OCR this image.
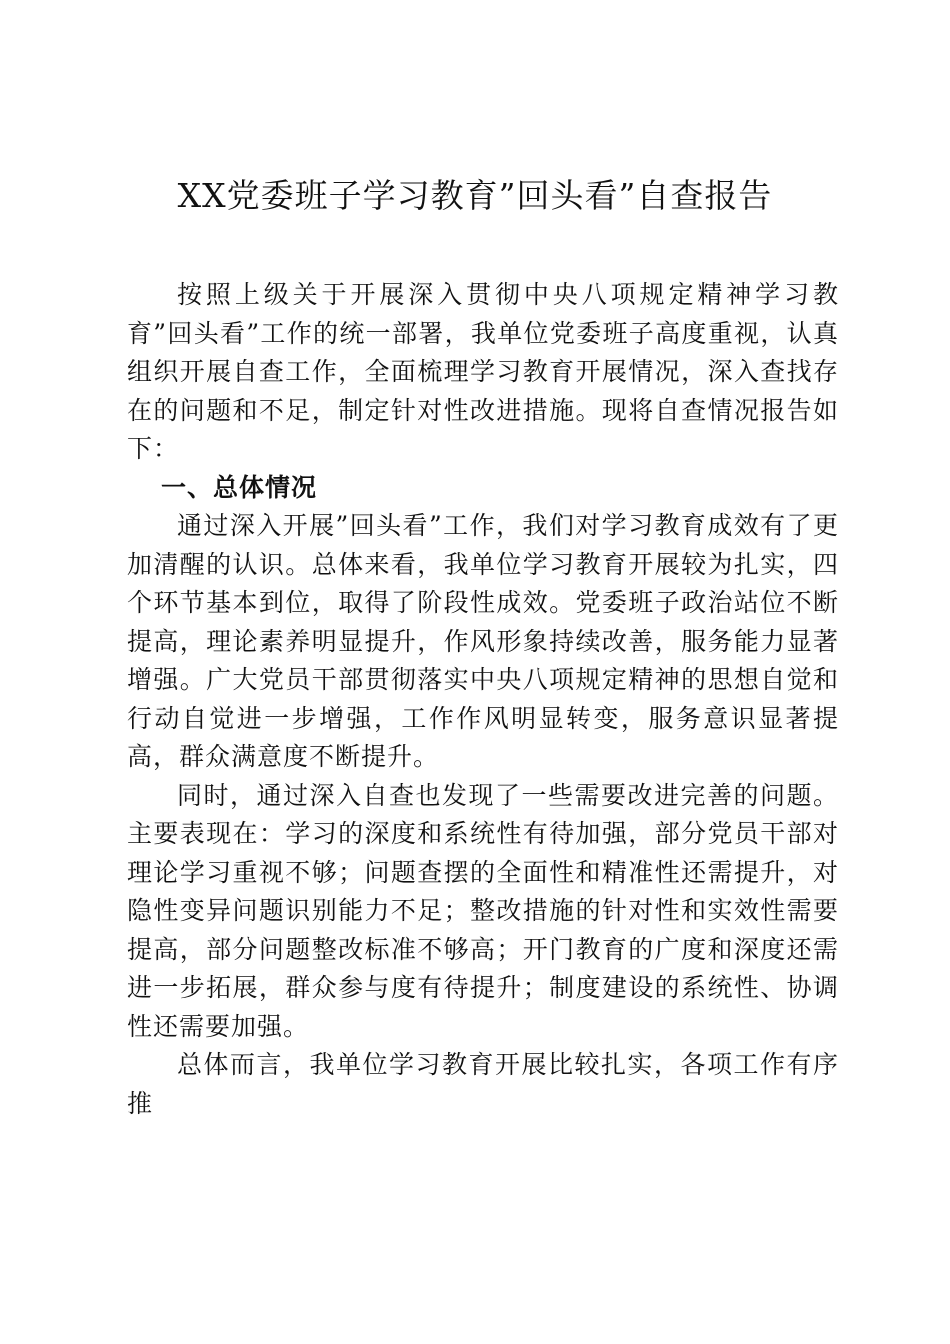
XX党委班子学习教育”回头看”自查报告

按照上级关于开展深入贯彻中央八项规定精神学习教育”回头看”工作的统一部署，我单位党委班子高度重视，认真组织开展自查工作，全面梳理学习教育开展情况，深入查找存在的问题和不足，制定针对性改进措施。现将自查情况报告如下：

一、总体情况

通过深入开展”回头看”工作，我们对学习教育成效有了更加清醒的认识。总体来看，我单位学习教育开展较为扎实，四个环节基本到位，取得了阶段性成效。党委班子政治站位不断提高，理论素养明显提升，作风形象持续改善，服务能力显著增强。广大党员干部贯彻落实中央八项规定精神的思想自觉和行动自觉进一步增强，工作作风明显转变，服务意识显著提高，群众满意度不断提升。

同时，通过深入自查也发现了一些需要改进完善的问题。主要表现在：学习的深度和系统性有待加强，部分党员干部对理论学习重视不够；问题查摆的全面性和精准性还需提升，对隐性变异问题识别能力不足；整改措施的针对性和实效性需要提高，部分问题整改标准不够高；开门教育的广度和深度还需进一步拓展，群众参与度有待提升；制度建设的系统性、协调性还需要加强。

总体而言，我单位学习教育开展比较扎实，各项工作有序推
